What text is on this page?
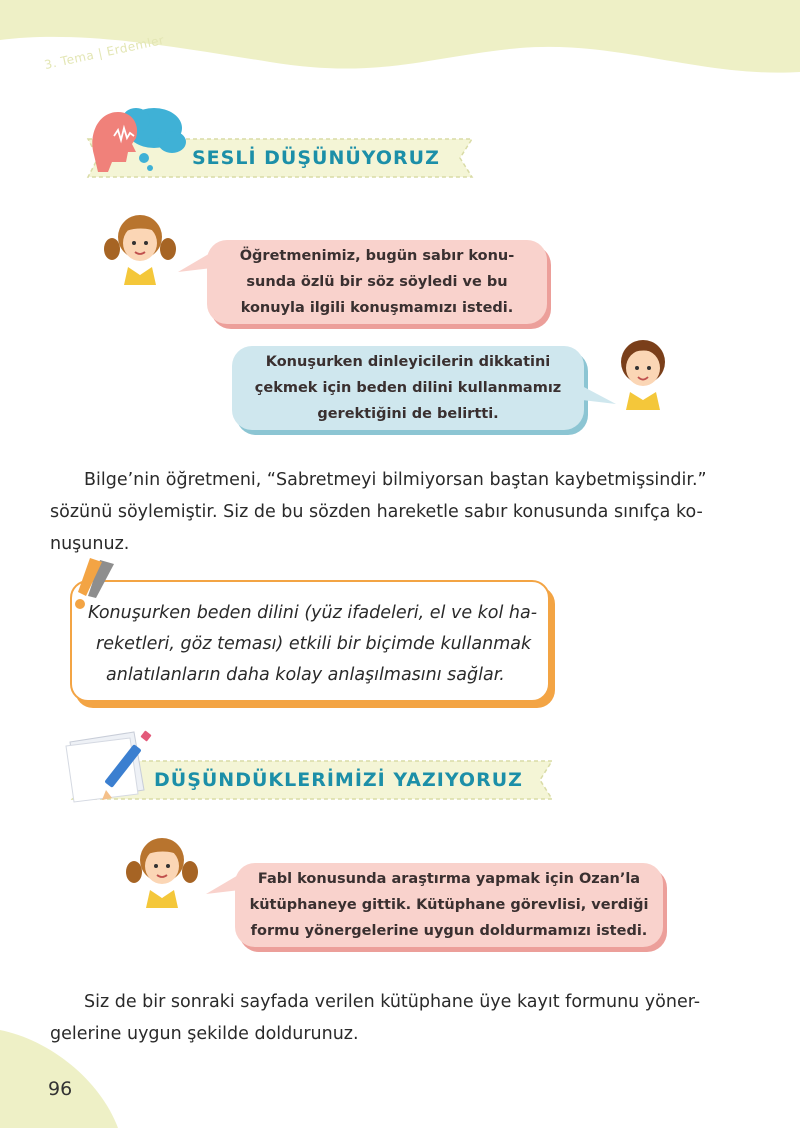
3. Tema | Erdemler
SESLİ DÜŞÜNÜYORUZ
Öğretmenimiz, bugün sabır konu-
sunda özlü bir söz söyledi ve bu
konuyla ilgili konuşmamızı istedi.
Konuşurken dinleyicilerin dikkatini
çekmek için beden dilini kullanmamız
gerektiğini de belirtti.
Bilge’nin öğretmeni, “Sabretmeyi bilmiyorsan baştan kaybetmişsindir.”
sözünü söylemiştir. Siz de bu sözden hareketle sabır konusunda sınıfça ko-
nuşunuz.
Konuşurken beden dilini (yüz ifadeleri, el ve kol ha-
reketleri, göz teması) etkili bir biçimde kullanmak
anlatılanların daha kolay anlaşılmasını sağlar.
DÜŞÜNDÜKLERİMİZİ YAZIYORUZ
Fabl konusunda araştırma yapmak için Ozan’la
kütüphaneye gittik. Kütüphane görevlisi, verdiği
formu yönergelerine uygun doldurmamızı istedi.
Siz de bir sonraki sayfada verilen kütüphane üye kayıt formunu yöner-
gelerine uygun şekilde doldurunuz.
96
